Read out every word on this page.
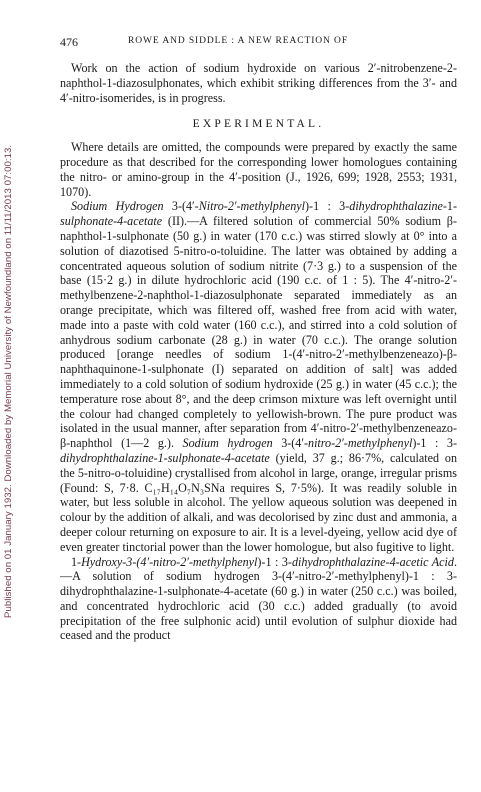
Published on 01 January 1932. Downloaded by Memorial University of Newfoundland on 11/11/2013 07:00:13.
476	ROWE AND SIDDLE : A NEW REACTION OF

Work on the action of sodium hydroxide on various 2′-nitrobenzene-2-naphthol-1-diazosulphonates, which exhibit striking differences from the 3′- and 4′-nitro-isomerides, is in progress.

EXPERIMENTAL.

Where details are omitted, the compounds were prepared by exactly the same procedure as that described for the corresponding lower homologues containing the nitro- or amino-group in the 4′-position (J., 1926, 699; 1928, 2553; 1931, 1070).

Sodium Hydrogen 3-(4′-Nitro-2′-methylphenyl)-1 : 3-dihydrophthalazine-1-sulphonate-4-acetate (II).—A filtered solution of commercial 50% sodium β-naphthol-1-sulphonate (50 g.) in water (170 c.c.) was stirred slowly at 0° into a solution of diazotised 5-nitro-o-toluidine. The latter was obtained by adding a concentrated aqueous solution of sodium nitrite (7·3 g.) to a suspension of the base (15·2 g.) in dilute hydrochloric acid (190 c.c. of 1 : 5). The 4′-nitro-2′-methylbenzene-2-naphthol-1-diazosulphonate separated immediately as an orange precipitate, which was filtered off, washed free from acid with water, made into a paste with cold water (160 c.c.), and stirred into a cold solution of anhydrous sodium carbonate (28 g.) in water (70 c.c.). The orange solution produced [orange needles of sodium 1-(4′-nitro-2′-methylbenzeneazo)-β-naphthaquinone-1-sulphonate (I) separated on addition of salt] was added immediately to a cold solution of sodium hydroxide (25 g.) in water (45 c.c.); the temperature rose about 8°, and the deep crimson mixture was left overnight until the colour had changed completely to yellowish-brown. The pure product was isolated in the usual manner, after separation from 4′-nitro-2′-methylbenzeneazo-β-naphthol (1—2 g.). Sodium hydrogen 3-(4′-nitro-2′-methylphenyl)-1 : 3-dihydrophthalazine-1-sulphonate-4-acetate (yield, 37 g.; 86·7%, calculated on the 5-nitro-o-toluidine) crystallised from alcohol in large, orange, irregular prisms (Found: S, 7·8. C₁₇H₁₄O₇N₃SNa requires S, 7·5%). It was readily soluble in water, but less soluble in alcohol. The yellow aqueous solution was deepened in colour by the addition of alkali, and was decolorised by zinc dust and ammonia, a deeper colour returning on exposure to air. It is a level-dyeing, yellow acid dye of even greater tinctorial power than the lower homologue, but also fugitive to light.

1-Hydroxy-3-(4′-nitro-2′-methylphenyl)-1 : 3-dihydrophthalazine-4-acetic Acid.—A solution of sodium hydrogen 3-(4′-nitro-2′-methylphenyl)-1 : 3-dihydrophthalazine-1-sulphonate-4-acetate (60 g.) in water (250 c.c.) was boiled, and concentrated hydrochloric acid (30 c.c.) added gradually (to avoid precipitation of the free sulphonic acid) until evolution of sulphur dioxide had ceased and the product
